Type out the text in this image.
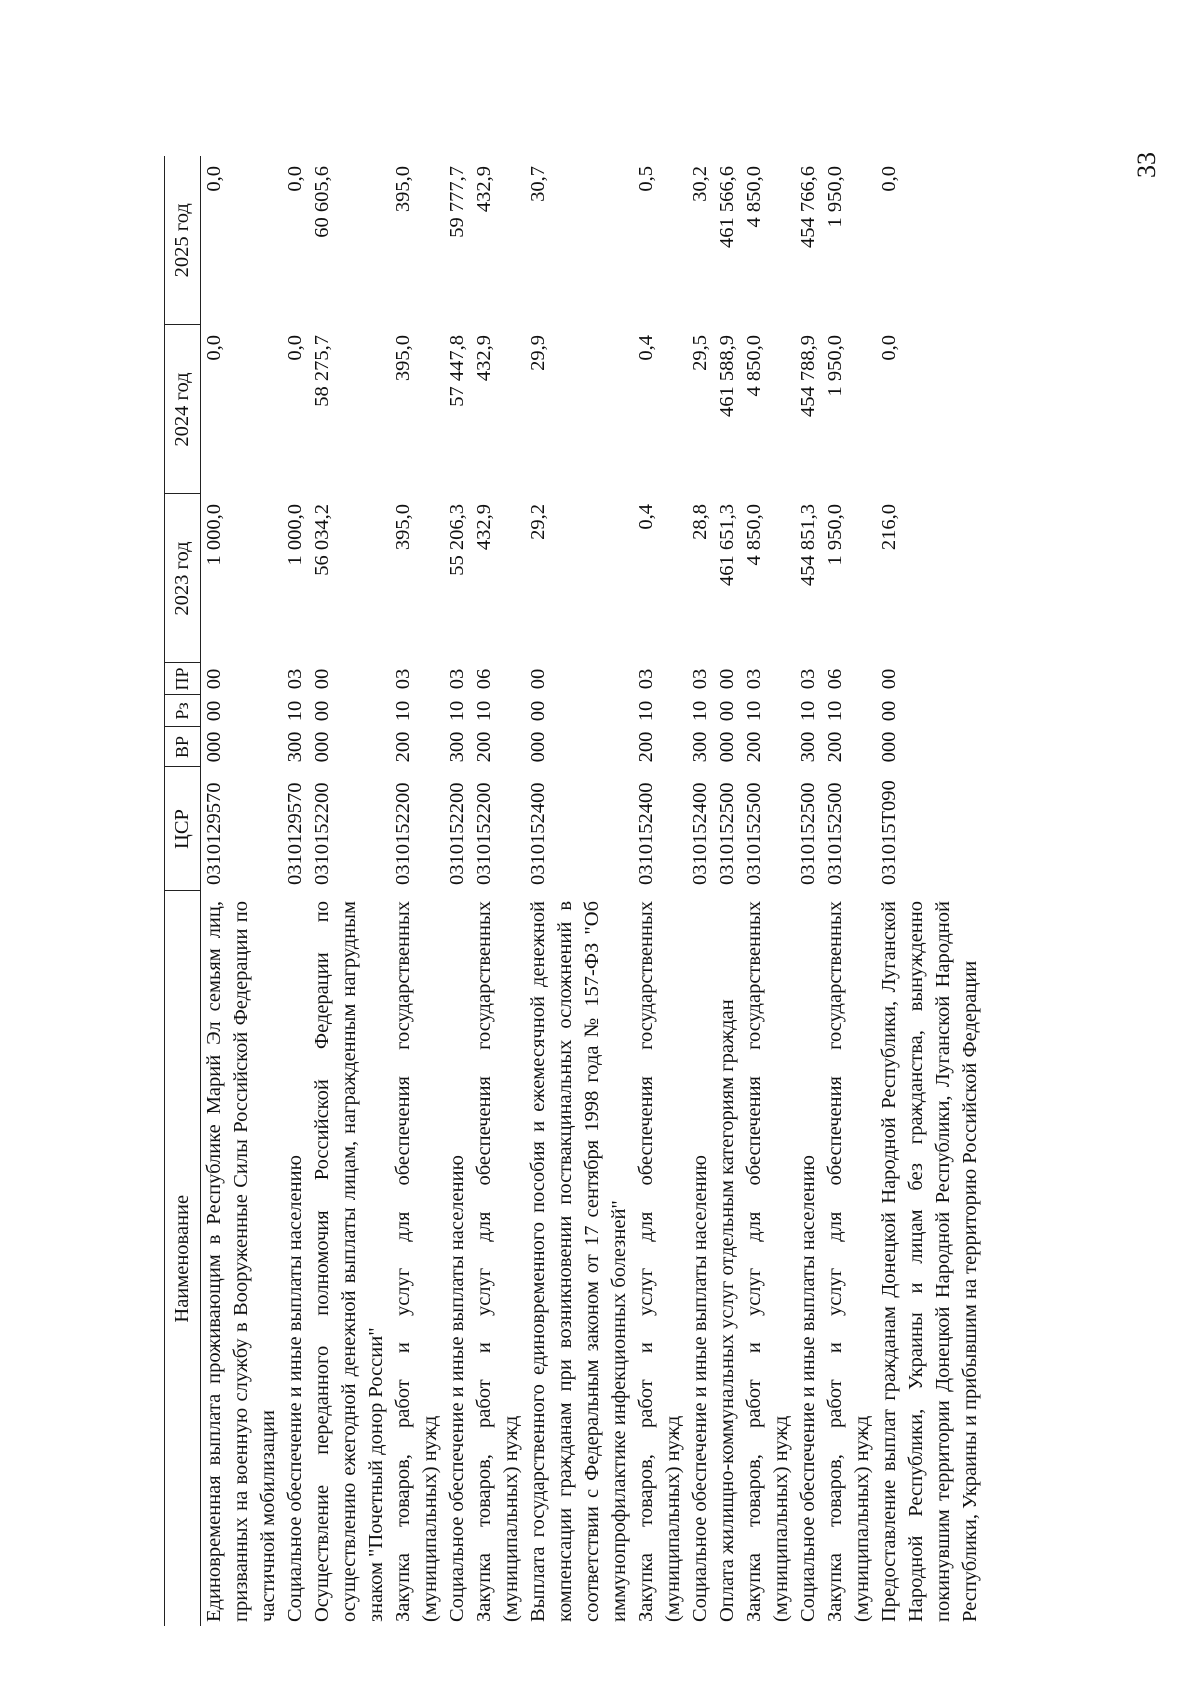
33
Наименование	ЦСР	ВР	Рз	ПР	2023 год	2024 год	2025 год
Единовременная выплата проживающим в Республике Марий Эл семьям лиц, призванных на военную службу в Вооруженные Силы Российской Федерации по частичной мобилизации	0310129570	000	00	00	1 000,0	0,0	0,0
Социальное обеспечение и иные выплаты населению	0310129570	300	10	03	1 000,0	0,0	0,0
Осуществление переданного полномочия Российской Федерации по осуществлению ежегодной денежной выплаты лицам, награжденным нагрудным знаком "Почетный донор России"	0310152200	000	00	00	56 034,2	58 275,7	60 605,6
Закупка товаров, работ и услуг для обеспечения государственных (муниципальных) нужд	0310152200	200	10	03	395,0	395,0	395,0
Социальное обеспечение и иные выплаты населению	0310152200	300	10	03	55 206,3	57 447,8	59 777,7
Закупка товаров, работ и услуг для обеспечения государственных (муниципальных) нужд	0310152200	200	10	06	432,9	432,9	432,9
Выплата государственного единовременного пособия и ежемесячной денежной компенсации гражданам при возникновении поствакцинальных осложнений в соответствии с Федеральным законом от 17 сентября 1998 года № 157-ФЗ "Об иммунопрофилактике инфекционных болезней"	0310152400	000	00	00	29,2	29,9	30,7
Закупка товаров, работ и услуг для обеспечения государственных (муниципальных) нужд	0310152400	200	10	03	0,4	0,4	0,5
Социальное обеспечение и иные выплаты населению	0310152400	300	10	03	28,8	29,5	30,2
Оплата жилищно-коммунальных услуг отдельным категориям граждан	0310152500	000	00	00	461 651,3	461 588,9	461 566,6
Закупка товаров, работ и услуг для обеспечения государственных (муниципальных) нужд	0310152500	200	10	03	4 850,0	4 850,0	4 850,0
Социальное обеспечение и иные выплаты населению	0310152500	300	10	03	454 851,3	454 788,9	454 766,6
Закупка товаров, работ и услуг для обеспечения государственных (муниципальных) нужд	0310152500	200	10	06	1 950,0	1 950,0	1 950,0
Предоставление выплат гражданам Донецкой Народной Республики, Луганской Народной Республики, Украины и лицам без гражданства, вынужденно покинувшим территории Донецкой Народной Республики, Луганской Народной Республики, Украины и прибывшим на территорию Российской Федерации	031015Т090	000	00	00	216,0	0,0	0,0
